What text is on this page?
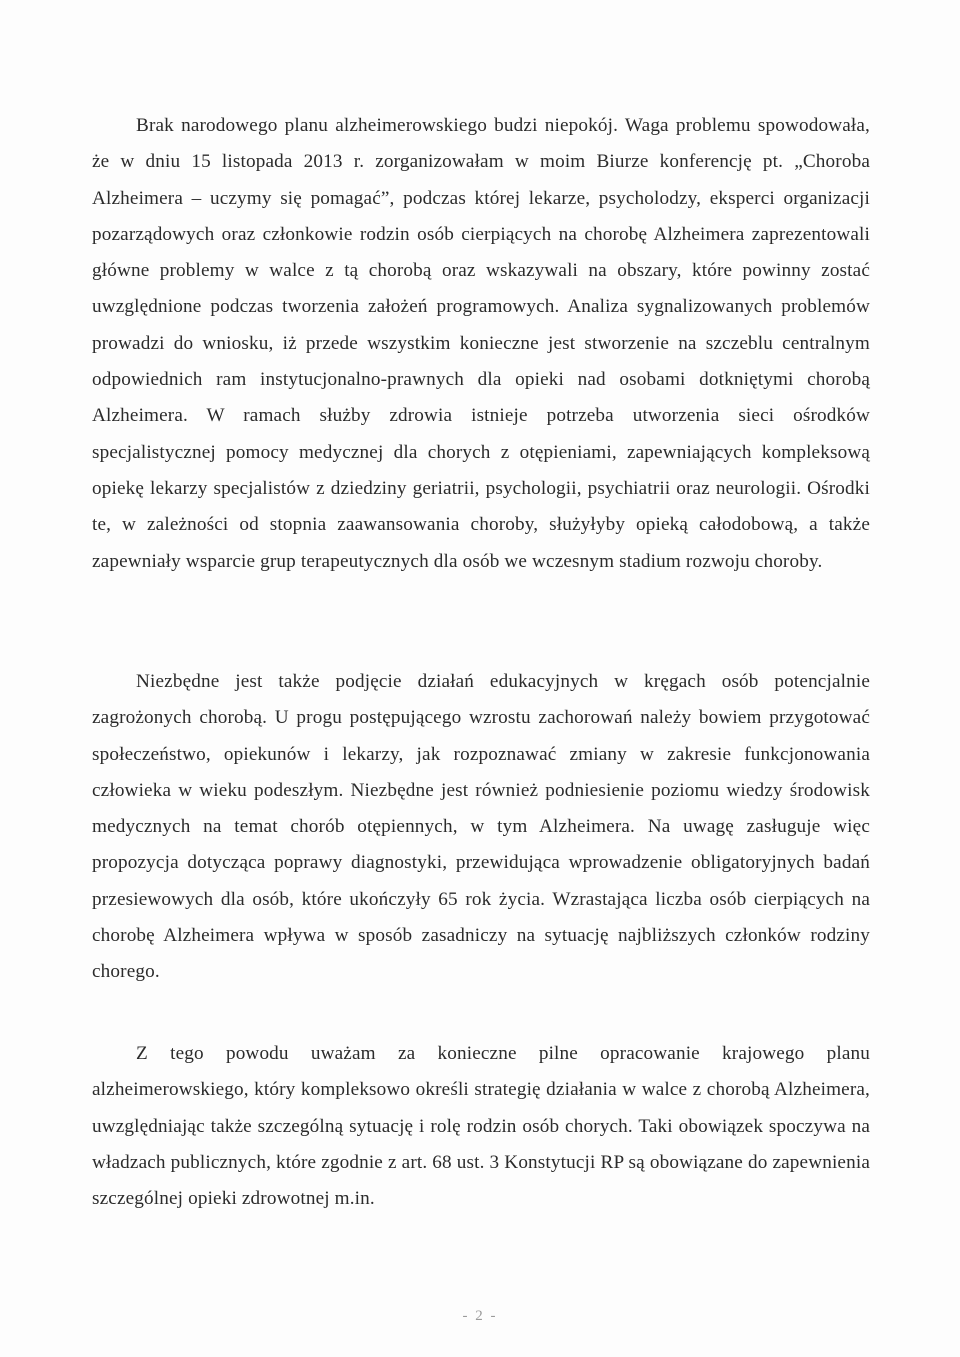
Brak narodowego planu alzheimerowskiego budzi niepokój. Waga problemu spowodowała, że w dniu 15 listopada 2013 r. zorganizowałam w moim Biurze konferencję pt. „Choroba Alzheimera – uczymy się pomagać”, podczas której lekarze, psycholodzy, eksperci organizacji pozarządowych oraz członkowie rodzin osób cierpiących na chorobę Alzheimera zaprezentowali główne problemy w walce z tą chorobą oraz wskazywali na obszary, które powinny zostać uwzględnione podczas tworzenia założeń programowych. Analiza sygnalizowanych problemów prowadzi do wniosku, iż przede wszystkim konieczne jest stworzenie na szczeblu centralnym odpowiednich ram instytucjonalno-prawnych dla opieki nad osobami dotkniętymi chorobą Alzheimera. W ramach służby zdrowia istnieje potrzeba utworzenia sieci ośrodków specjalistycznej pomocy medycznej dla chorych z otępieniami, zapewniających kompleksową opiekę lekarzy specjalistów z dziedziny geriatrii, psychologii, psychiatrii oraz neurologii. Ośrodki te, w zależności od stopnia zaawansowania choroby, służyłyby opieką całodobową, a także zapewniały wsparcie grup terapeutycznych dla osób we wczesnym stadium rozwoju choroby.

Niezbędne jest także podjęcie działań edukacyjnych w kręgach osób potencjalnie zagrożonych chorobą. U progu postępującego wzrostu zachorowań należy bowiem przygotować społeczeństwo, opiekunów i lekarzy, jak rozpoznawać zmiany w zakresie funkcjonowania człowieka w wieku podeszłym. Niezbędne jest również podniesienie poziomu wiedzy środowisk medycznych na temat chorób otępiennych, w tym Alzheimera. Na uwagę zasługuje więc propozycja dotycząca poprawy diagnostyki, przewidująca wprowadzenie obligatoryjnych badań przesiewowych dla osób, które ukończyły 65 rok życia. Wzrastająca liczba osób cierpiących na chorobę Alzheimera wpływa w sposób zasadniczy na sytuację najbliższych członków rodziny chorego.

Z tego powodu uważam za konieczne pilne opracowanie krajowego planu alzheimerowskiego, który kompleksowo określi strategię działania w walce z chorobą Alzheimera, uwzględniając także szczególną sytuację i rolę rodzin osób chorych. Taki obowiązek spoczywa na władzach publicznych, które zgodnie z art. 68 ust. 3 Konstytucji RP są obowiązane do zapewnienia szczególnej opieki zdrowotnej m.in.

- 2 -
